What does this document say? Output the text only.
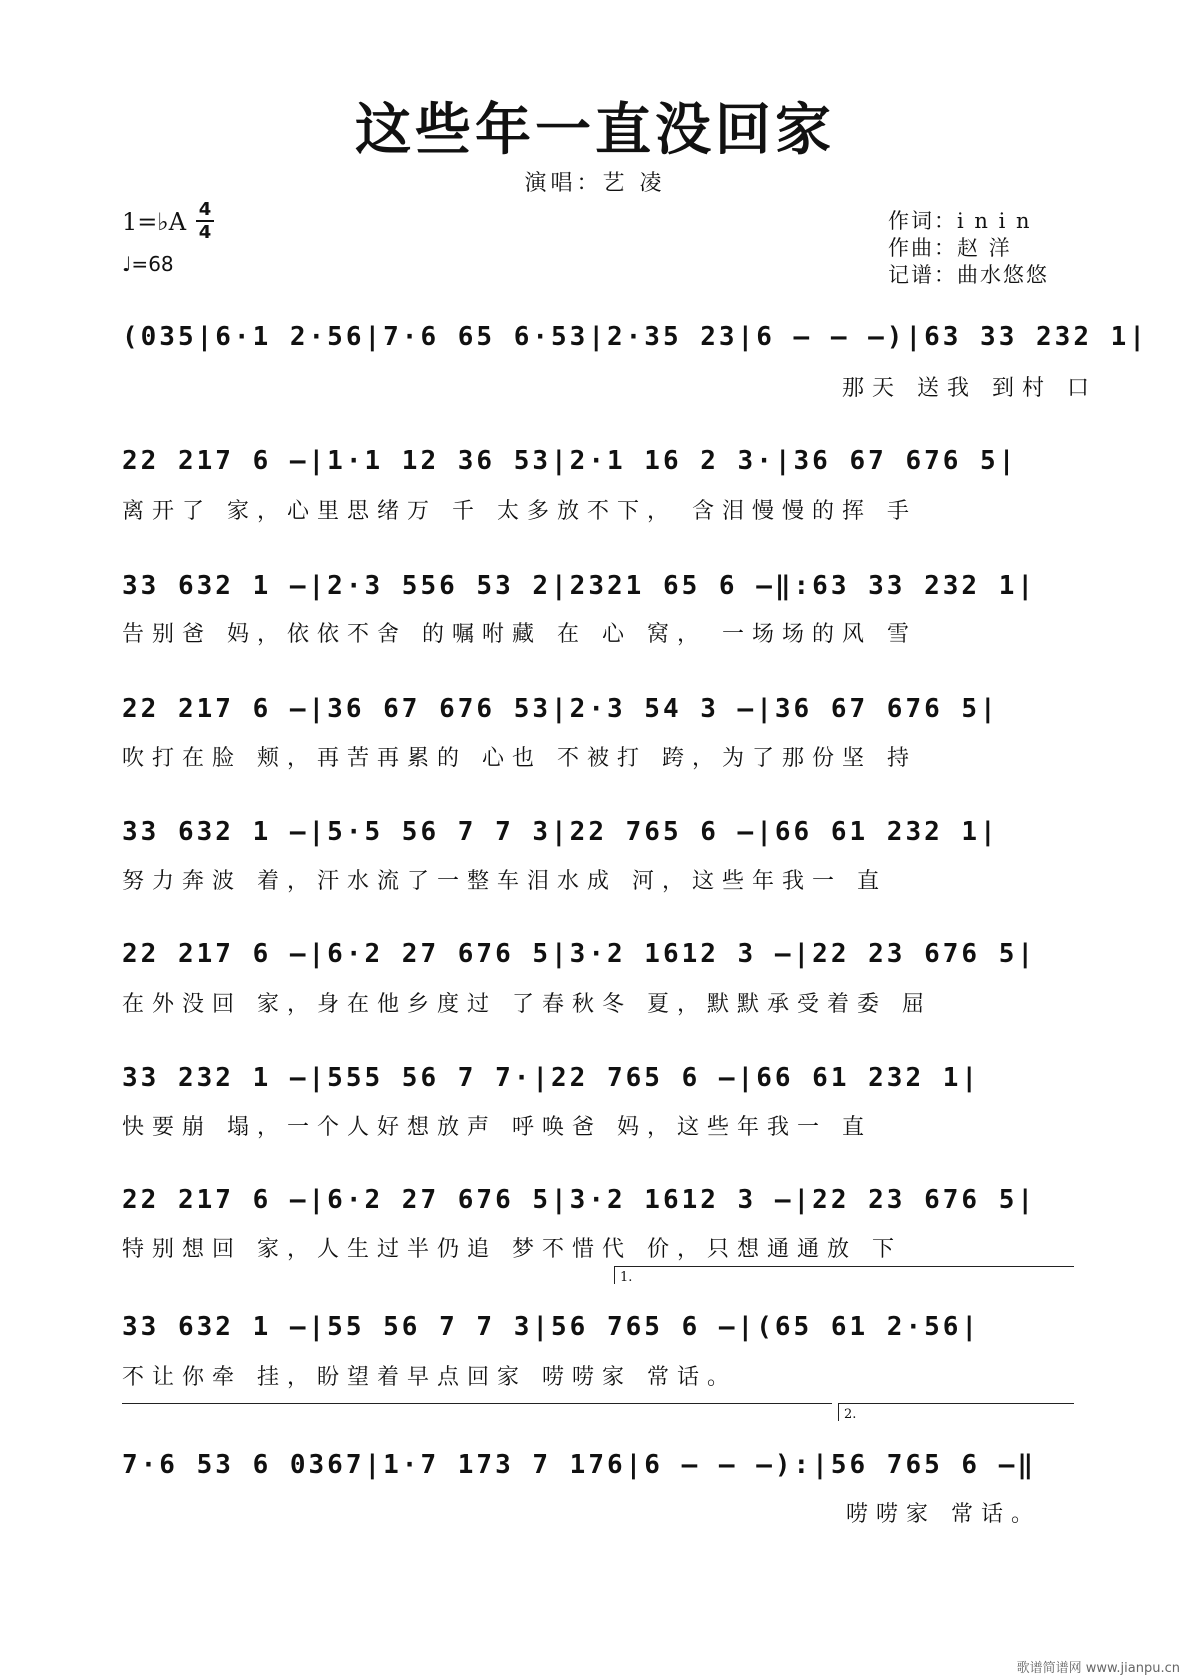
这些年一直没回家
演唱：艺 凌
1=♭A 4
4
♩=68
作词：i n i n
作曲：赵 洋
记谱：曲水悠悠
(035|6·1 2·56|7·6 65 6·53|2·35 23|6 – – –)|63 33 232 1|
那天 送我 到村 口
22 217 6 –|1·1 12 36 53|2·1 16 2 3·|36 67 676 5|
离开了 家，心里思绪万 千 太多放不下， 含泪慢慢的挥 手
33 632 1 –|2·3 556 53 2|2321 65 6 –‖:63 33 232 1|
告别爸 妈，依依不舍 的嘱咐藏 在 心 窝， 一场场的风 雪
22 217 6 –|36 67 676 53|2·3 54 3 –|36 67 676 5|
吹打在脸 颊，再苦再累的 心也 不被打 跨，为了那份坚 持
33 632 1 –|5·5 56 7 7 3|22 765 6 –|66 61 232 1|
努力奔波 着，汗水流了一整车泪水成 河，这些年我一 直
22 217 6 –|6·2 27 676 5|3·2 1612 3 –|22 23 676 5|
在外没回 家，身在他乡度过 了春秋冬 夏，默默承受着委 屈
33 232 1 –|555 56 7 7·|22 765 6 –|66 61 232 1|
快要崩 塌，一个人好想放声 呼唤爸 妈，这些年我一 直
22 217 6 –|6·2 27 676 5|3·2 1612 3 –|22 23 676 5|
特别想回 家，人生过半仍追 梦不惜代 价，只想通通放 下
1.
33 632 1 –|55 56 7 7 3|56 765 6 –|(65 61 2·56|
不让你牵 挂，盼望着早点回家 唠唠家 常话。
2.
7·6 53 6 0367|1·7 173 7 176|6 – – –):|56 765 6 –‖
唠唠家 常话。
歌谱简谱网 www.jianpu.cn
